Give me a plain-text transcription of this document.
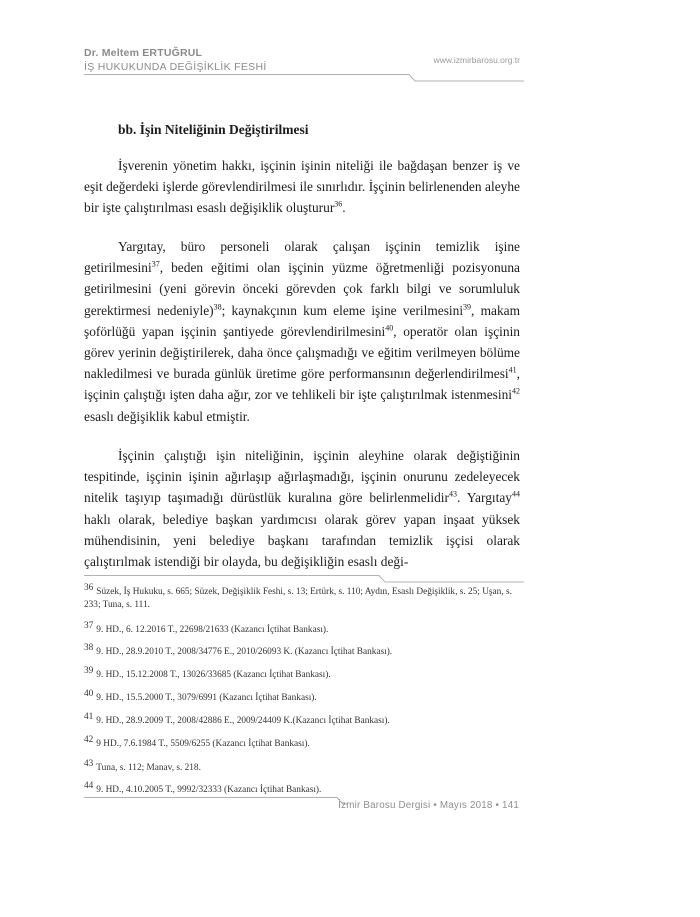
Dr. Meltem ERTUĞRUL
İŞ HUKUKUNDA DEĞİŞİKLİK FESHİ
www.izmirbarosu.org.tr
bb. İşin Niteliğinin Değiştirilmesi

İşverenin yönetim hakkı, işçinin işinin niteliği ile bağdaşan benzer iş ve eşit değerdeki işlerde görevlendirilmesi ile sınırlıdır. İşçinin belirlenenden aleyhe bir işte çalıştırılması esaslı değişiklik oluşturur$^{36}$.

Yargıtay, büro personeli olarak çalışan işçinin temizlik işine getirilmesini$^{37}$, beden eğitimi olan işçinin yüzme öğretmenliği pozisyonuna getirilmesini (yeni görevin önceki görevden çok farklı bilgi ve sorumluluk gerektirmesi nedeniyle)$^{38}$; kaynakçının kum eleme işine verilmesini$^{39}$, makam şoförlüğü yapan işçinin şantiyede görevlendirilmesini$^{40}$, operatör olan işçinin görev yerinin değiştirilerek, daha önce çalışmadığı ve eğitim verilmeyen bölüme nakledilmesi ve burada günlük üretime göre performansının değerlendirilmesi$^{41}$, işçinin çalıştığı işten daha ağır, zor ve tehlikeli bir işte çalıştırılmak istenmesini$^{42}$ esaslı değişiklik kabul etmiştir.

İşçinin çalıştığı işin niteliğinin, işçinin aleyhine olarak değiştiğinin tespitinde, işçinin işinin ağırlaşıp ağırlaşmadığı, işçinin onurunu zedeleyecek nitelik taşıyıp taşımadığı dürüstlük kuralına göre belirlenmelidir$^{43}$. Yargıtay$^{44}$ haklı olarak, belediye başkan yardımcısı olarak görev yapan inşaat yüksek mühendisinin, yeni belediye başkanı tarafından temizlik işçisi olarak çalıştırılmak istendiği bir olayda, bu değişikliğin esaslı deği-

$^{36}$ Süzek, İş Hukuku, s. 665; Süzek, Değişiklik Feshi, s. 13; Ertürk, s. 110; Aydın, Esaslı Değişiklik, s. 25; Uşan, s. 233; Tuna, s. 111.

$^{37}$ 9. HD., 6. 12.2016 T., 22698/21633 (Kazancı İçtihat Bankası).

$^{38}$ 9. HD., 28.9.2010 T., 2008/34776 E., 2010/26093 K. (Kazancı İçtihat Bankası).

$^{39}$ 9. HD., 15.12.2008 T., 13026/33685 (Kazancı İçtihat Bankası).

$^{40}$ 9. HD., 15.5.2000 T., 3079/6991 (Kazancı İçtihat Bankası).

$^{41}$ 9. HD., 28.9.2009 T., 2008/42886 E., 2009/24409 K.(Kazancı İçtihat Bankası).

$^{42}$ 9 HD., 7.6.1984 T., 5509/6255 (Kazancı İçtihat Bankası).

$^{43}$ Tuna, s. 112; Manav, s. 218.

$^{44}$ 9. HD., 4.10.2005 T., 9992/32333 (Kazancı İçtihat Bankası).

İzmir Barosu Dergisi • Mayıs 2018 • 141
